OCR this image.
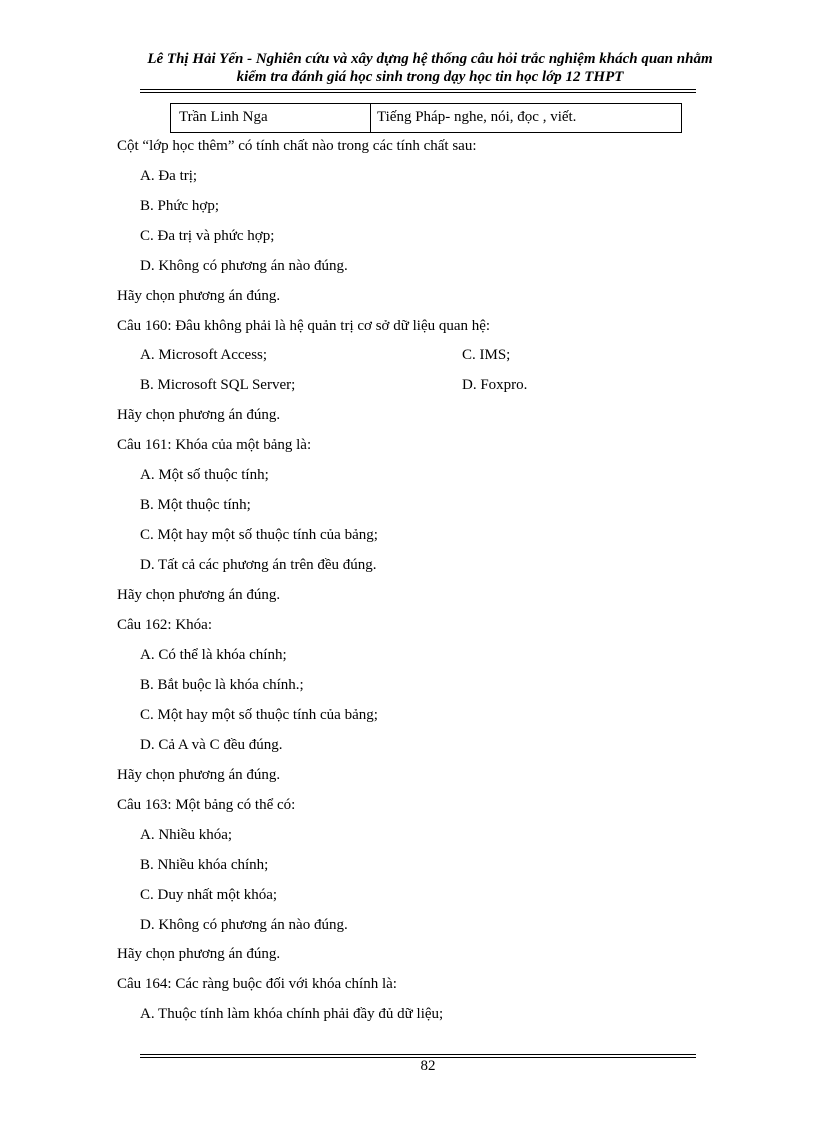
Lê Thị Hải Yến - Nghiên cứu và xây dựng hệ thống câu hỏi trắc nghiệm khách quan nhằm
kiểm tra đánh giá học sinh trong dạy học tin học lớp 12 THPT
Trần Linh Nga	Tiếng Pháp- nghe, nói, đọc , viết.
Cột “lớp học thêm” có tính chất nào trong các tính chất sau:
A. Đa trị;
B. Phức hợp;
C. Đa trị và phức hợp;
D. Không có phương án nào đúng.
Hãy chọn phương án đúng.
Câu 160: Đâu không phải là hệ quản trị cơ sở dữ liệu quan hệ:
A. Microsoft Access;	C. IMS;
B. Microsoft SQL Server;	D. Foxpro.
Hãy chọn phương án đúng.
Câu 161: Khóa của một bảng là:
A. Một số thuộc tính;
B. Một thuộc tính;
C. Một hay một số thuộc tính của bảng;
D. Tất cả các phương án trên đều đúng.
Hãy chọn phương án đúng.
Câu 162: Khóa:
A. Có thể là khóa chính;
B. Bắt buộc là khóa chính.;
C. Một hay một số thuộc tính của bảng;
D. Cả A và C đều đúng.
Hãy chọn phương án đúng.
Câu 163: Một bảng có thể có:
A. Nhiều khóa;
B. Nhiều khóa chính;
C. Duy nhất một khóa;
D. Không có phương án nào đúng.
Hãy chọn phương án đúng.
Câu 164: Các ràng buộc đối với khóa chính là:
A. Thuộc tính làm khóa chính phải đầy đủ dữ liệu;
82
